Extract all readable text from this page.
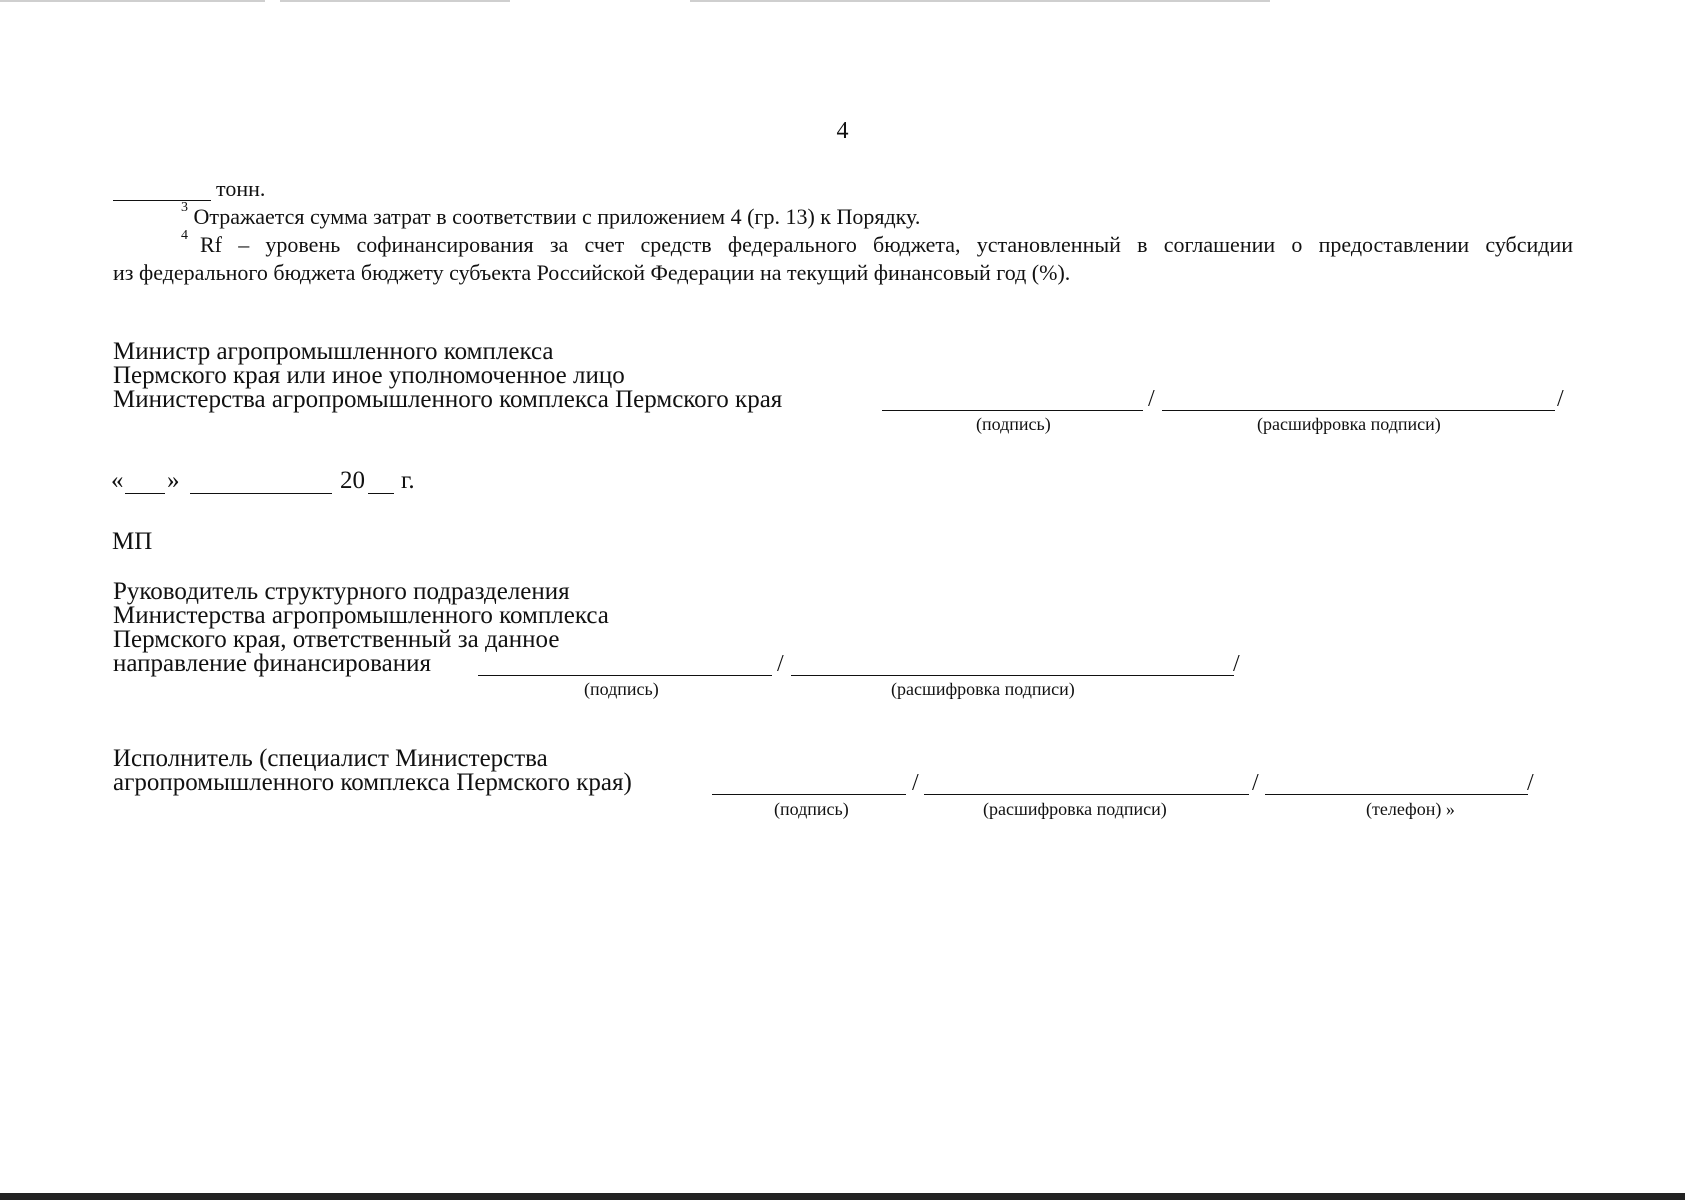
4
тонн.
$^3$ Отражается сумма затрат в соответствии с приложением 4 (гр. 13) к Порядку.
$^4$ Rf – уровень софинансирования за счет средств федерального бюджета, установленный в соглашении о предоставлении субсидии
из федерального бюджета бюджету субъекта Российской Федерации на текущий финансовый год (%).
Министр агропромышленного комплекса
Пермского края или иное уполномоченное лицо
Министерства агропромышленного комплекса Пермского края	/	/
(подпись)	(расшифровка подписи)
« »	20 г.
МП
Руководитель структурного подразделения
Министерства агропромышленного комплекса
Пермского края, ответственный за данное
направление финансирования	/	/
(подпись)	(расшифровка подписи)
Исполнитель (специалист Министерства
агропромышленного комплекса Пермского края)	/	/	/
(подпись)	(расшифровка подписи)	(телефон) »
